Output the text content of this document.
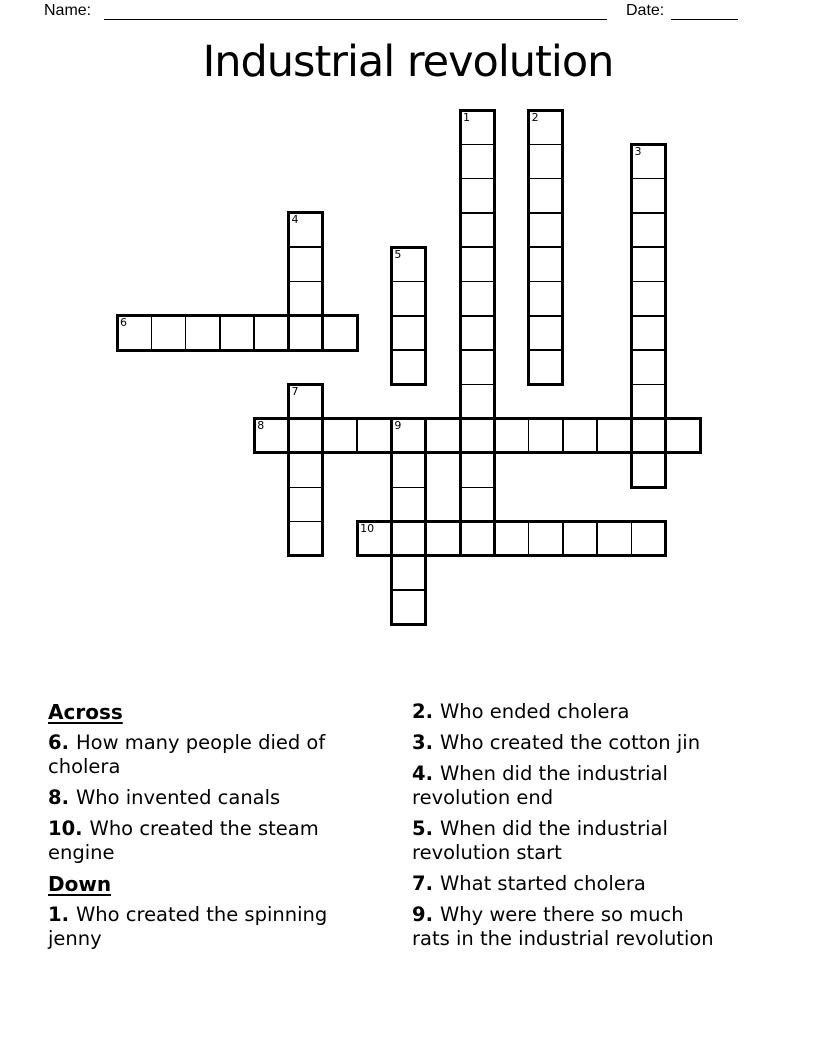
Name:	Date:
Industrial revolution
1	2
3
4
5
6
7
8	9
10
Across
6. How many people died of
cholera
8. Who invented canals
10. Who created the steam
engine
Down
1. Who created the spinning
jenny
2. Who ended cholera
3. Who created the cotton jin
4. When did the industrial
revolution end
5. When did the industrial
revolution start
7. What started cholera
9. Why were there so much
rats in the industrial revolution
